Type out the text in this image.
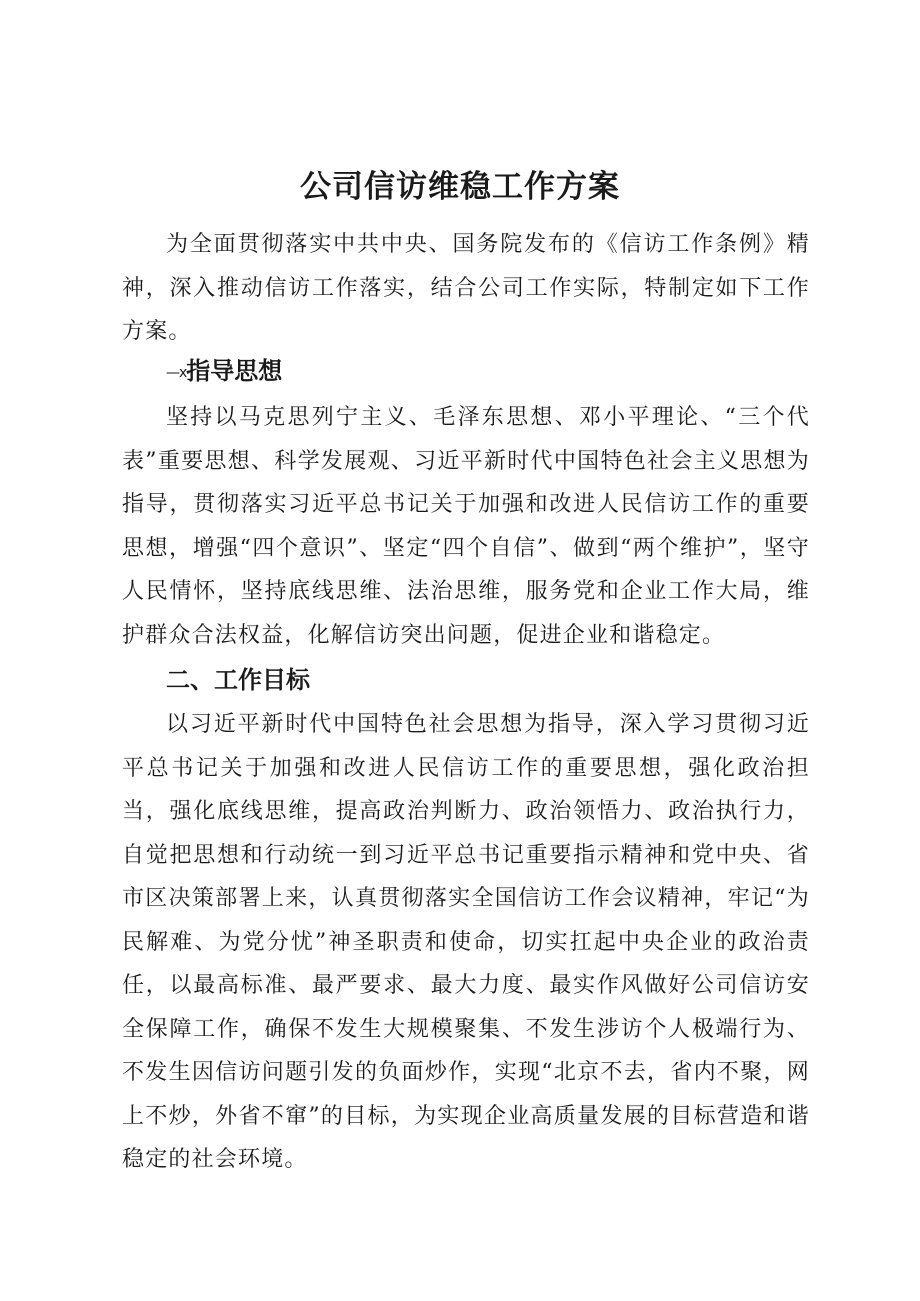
公司信访维稳工作方案

为全面贯彻落实中共中央、国务院发布的《信访工作条例》精神，深入推动信访工作落实，结合公司工作实际，特制定如下工作方案。

—x指导思想

坚持以马克思列宁主义、毛泽东思想、邓小平理论、“三个代表”重要思想、科学发展观、习近平新时代中国特色社会主义思想为指导，贯彻落实习近平总书记关于加强和改进人民信访工作的重要思想，增强“四个意识”、坚定“四个自信”、做到“两个维护”，坚守人民情怀，坚持底线思维、法治思维，服务党和企业工作大局，维护群众合法权益，化解信访突出问题，促进企业和谐稳定。

二、工作目标

以习近平新时代中国特色社会思想为指导，深入学习贯彻习近平总书记关于加强和改进人民信访工作的重要思想，强化政治担当，强化底线思维，提高政治判断力、政治领悟力、政治执行力，自觉把思想和行动统一到习近平总书记重要指示精神和党中央、省市区决策部署上来，认真贯彻落实全国信访工作会议精神，牢记“为民解难、为党分忧”神圣职责和使命，切实扛起中央企业的政治责任，以最高标准、最严要求、最大力度、最实作风做好公司信访安全保障工作，确保不发生大规模聚集、不发生涉访个人极端行为、不发生因信访问题引发的负面炒作，实现“北京不去，省内不聚，网上不炒，外省不窜”的目标，为实现企业高质量发展的目标营造和谐稳定的社会环境。
